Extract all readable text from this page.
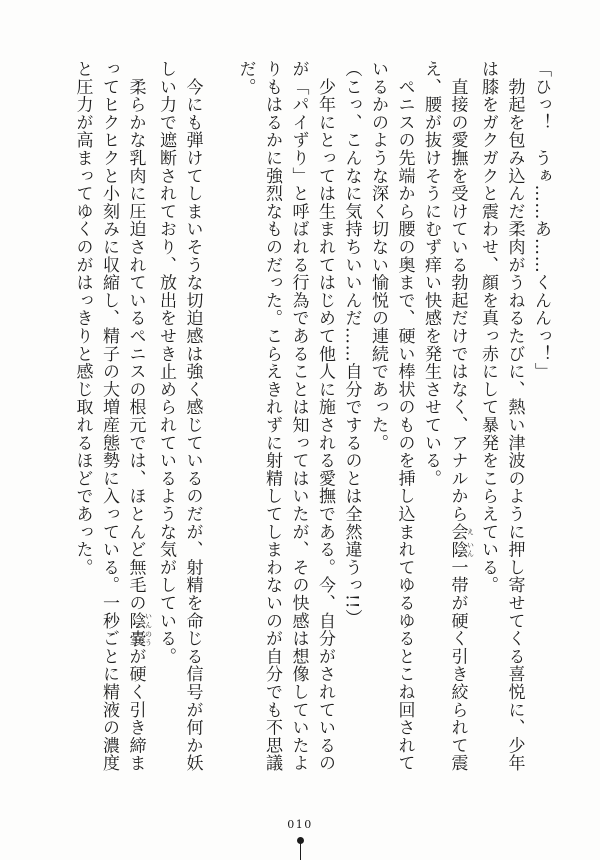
「ひっ！　うぁ……あ……くんんっ！」

　勃起を包み込んだ柔肉がうねるたびに、熱い津波のように押し寄せてくる喜悦に、少年

は膝をガクガクと震わせ、顔を真っ赤にして暴発をこらえている。

　直接の愛撫を受けている勃起だけではなく、アナルから会 え陰 いん一帯が硬く引き絞られて震

え、腰が抜けそうにむず痒い快感を発生させている。

　ペニスの先端から腰の奥まで、硬い棒状のものを挿し込まれてゆるゆるとこね回されて

いるかのような深く切ない愉悦の連続であった。

（こっ、こんなに気持ちいいんだ……自分でするのとは全然違うっ!!）

　少年にとっては生まれてはじめて他人に施される愛撫である。今、自分がされているの

が「パイずり」と呼ばれる行為であることは知ってはいたが、その快感は想像していたよ

りもはるかに強烈なものだった。こらえきれずに射精してしまわないのが自分でも不思議

だ。

　今にも弾けてしまいそうな切迫感は強く感じているのだが、射精を命じる信号が何か妖

しい力で遮断されており、放出をせき止められているような気がしている。

　柔らかな乳肉に圧迫されているペニスの根元では、ほとんど無毛の陰嚢 いんのうが硬く引き締ま

ってヒクヒクと小刻みに収縮し、精子の大増産態勢に入っている。一秒ごとに精液の濃度

と圧力が高まってゆくのがはっきりと感じ取れるほどであった。

010
